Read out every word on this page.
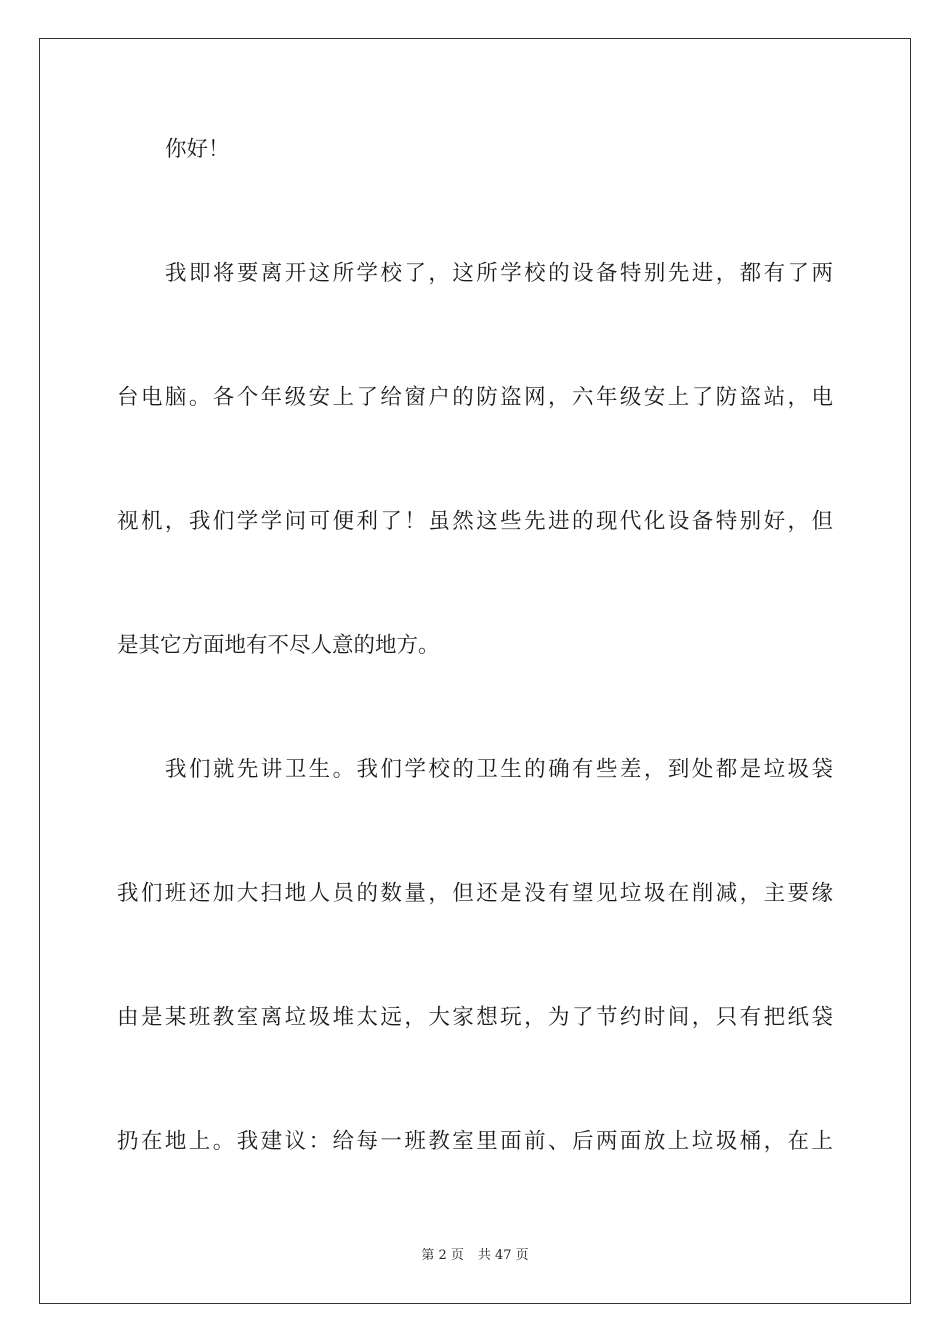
你好！
我即将要离开这所学校了，这所学校的设备特别先进，都有了两
台电脑。各个年级安上了给窗户的防盗网，六年级安上了防盗站，电
视机，我们学学问可便利了！虽然这些先进的现代化设备特别好，但
是其它方面地有不尽人意的地方。
我们就先讲卫生。我们学校的卫生的确有些差，到处都是垃圾袋
我们班还加大扫地人员的数量，但还是没有望见垃圾在削减，主要缘
由是某班教室离垃圾堆太远，大家想玩，为了节约时间，只有把纸袋
扔在地上。我建议：给每一班教室里面前、后两面放上垃圾桶，在上
第 2 页 共 47 页
